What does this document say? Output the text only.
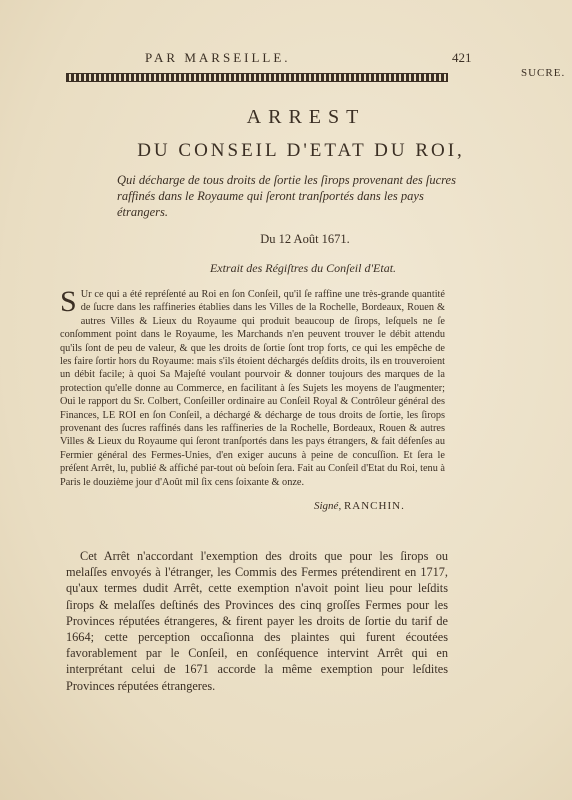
PAR MARSEILLE.	421
SUCRE.
ARREST
DU CONSEIL D'ETAT DU ROI,
Qui décharge de tous droits de ſortie les ſirops provenant des ſucres raffinés dans le Royaume qui ſeront tranſportés dans les pays étrangers.
Du 12 Août 1671.
Extrait des Régiſtres du Conſeil d'Etat.

S Ur ce qui a été repréſenté au Roi en ſon Conſeil, qu'il ſe raffine une très-grande quantité de ſucre dans les raffineries établies dans les Villes de la Rochelle, Bordeaux, Rouen & autres Villes & Lieux du Royaume qui produit beaucoup de ſirops, leſquels ne ſe conſomment point dans le Royaume, les Marchands n'en peuvent trouver le débit attendu qu'ils ſont de peu de valeur, & que les droits de ſortie ſont trop forts, ce qui les empêche de les faire ſortir hors du Royaume: mais s'ils étoient déchargés deſdits droits, ils en trouveroient un débit facile; à quoi Sa Majeſté voulant pourvoir & donner toujours des marques de la protection qu'elle donne au Commerce, en facilitant à ſes Sujets les moyens de l'augmenter; Oui le rapport du Sr. Colbert, Conſeiller ordinaire au Conſeil Royal & Contrôleur général des Finances, LE ROI en ſon Conſeil, a déchargé & décharge de tous droits de ſortie, les ſirops provenant des ſucres raffinés dans les raffineries de la Rochelle, Bordeaux, Rouen & autres Villes & Lieux du Royaume qui ſeront tranſportés dans les pays étrangers, & fait défenſes au Fermier général des Fermes-Unies, d'en exiger aucuns à peine de concuſſion. Et ſera le préſent Arrêt, lu, publié & affiché par-tout où beſoin ſera. Fait au Conſeil d'Etat du Roi, tenu à Paris le douzième jour d'Août mil ſix cens ſoixante & onze.

Signé, RANCHIN.

Cet Arrêt n'accordant l'exemption des droits que pour les ſirops ou melaſſes envoyés à l'étranger, les Commis des Fermes prétendirent en 1717, qu'aux termes dudit Arrêt, cette exemption n'avoit point lieu pour leſdits ſirops & melaſſes deſtinés des Provinces des cinq groſſes Fermes pour les Provinces réputées étrangeres, & firent payer les droits de ſortie du tarif de 1664; cette perception occaſionna des plaintes qui furent écoutées favorablement par le Conſeil, en conſéquence intervint Arrêt qui en interprétant celui de 1671 accorde la même exemption pour leſdites Provinces réputées étrangeres.
